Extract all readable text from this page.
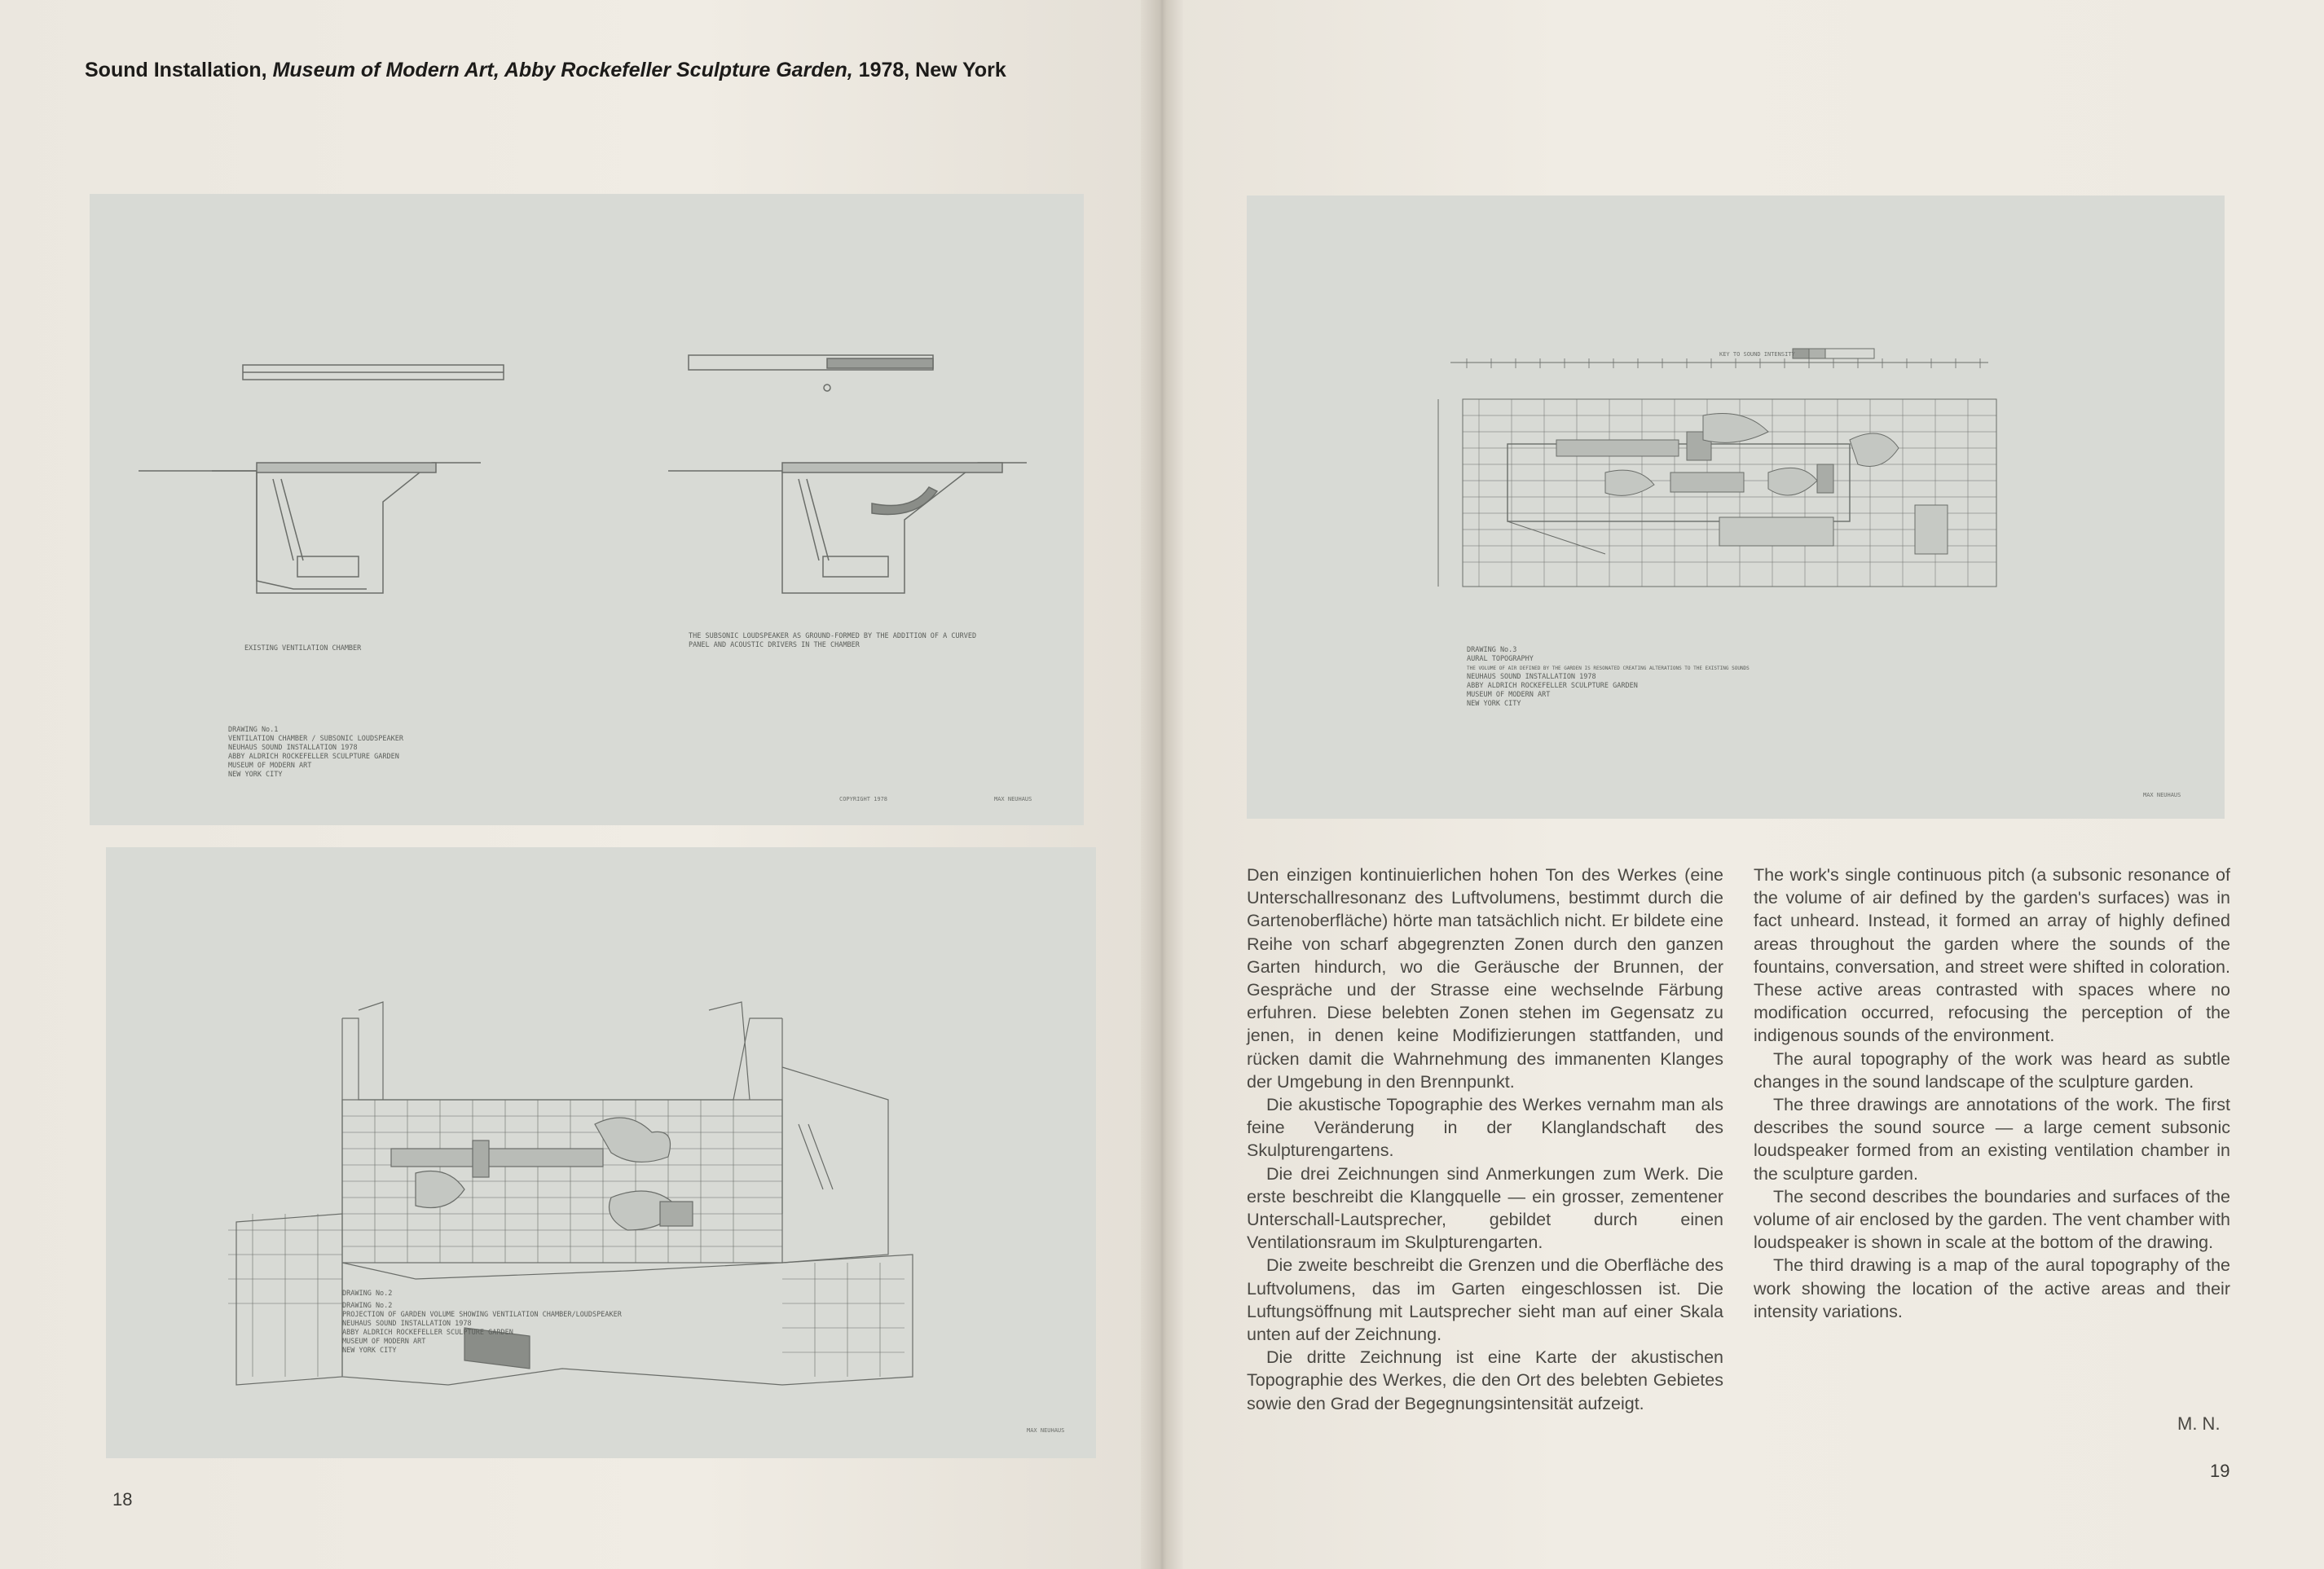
Sound Installation, Museum of Modern Art, Abby Rockefeller Sculpture Garden, 1978, New York
EXISTING VENTILATION CHAMBER
THE SUBSONIC LOUDSPEAKER AS GROUND-FORMED BY THE ADDITION OF A CURVED
PANEL AND ACOUSTIC DRIVERS IN THE CHAMBER
DRAWING No.1
VENTILATION CHAMBER / SUBSONIC LOUDSPEAKER
NEUHAUS SOUND INSTALLATION 1978
ABBY ALDRICH ROCKEFELLER SCULPTURE GARDEN
MUSEUM OF MODERN ART
NEW YORK CITY
COPYRIGHT 1978	MAX NEUHAUS
DRAWING No.2
DRAWING No.2
PROJECTION OF GARDEN VOLUME SHOWING VENTILATION CHAMBER/LOUDSPEAKER
NEUHAUS SOUND INSTALLATION 1978
ABBY ALDRICH ROCKEFELLER SCULPTURE GARDEN
MUSEUM OF MODERN ART
NEW YORK CITY
MAX NEUHAUS
KEY TO SOUND INTENSITY
DRAWING No.3
AURAL TOPOGRAPHY
THE VOLUME OF AIR DEFINED BY THE GARDEN IS RESONATED CREATING ALTERATIONS TO THE EXISTING SOUNDS
NEUHAUS SOUND INSTALLATION 1978
ABBY ALDRICH ROCKEFELLER SCULPTURE GARDEN
MUSEUM OF MODERN ART
NEW YORK CITY
MAX NEUHAUS

Den einzigen kontinuierlichen hohen Ton des Werkes (eine Unterschallresonanz des Luftvolumens, bestimmt durch die Gartenoberfläche) hörte man tatsächlich nicht. Er bildete eine Reihe von scharf abgegrenzten Zonen durch den ganzen Garten hindurch, wo die Geräusche der Brunnen, der Gespräche und der Strasse eine wechselnde Färbung erfuhren. Diese belebten Zonen stehen im Gegensatz zu jenen, in denen keine Modifizierungen stattfanden, und rücken damit die Wahrnehmung des immanenten Klanges der Umgebung in den Brennpunkt.

Die akustische Topographie des Werkes vernahm man als feine Veränderung in der Klanglandschaft des Skulpturengartens.

Die drei Zeichnungen sind Anmerkungen zum Werk. Die erste beschreibt die Klangquelle — ein grosser, zementener Unterschall-Lautsprecher, gebildet durch einen Ventilationsraum im Skulpturengarten.

Die zweite beschreibt die Grenzen und die Oberfläche des Luftvolumens, das im Garten eingeschlossen ist. Die Luftungsöffnung mit Lautsprecher sieht man auf einer Skala unten auf der Zeichnung.

Die dritte Zeichnung ist eine Karte der akustischen Topographie des Werkes, die den Ort des belebten Gebietes sowie den Grad der Begegnungsintensität aufzeigt.

The work's single continuous pitch (a subsonic resonance of the volume of air defined by the garden's surfaces) was in fact unheard. Instead, it formed an array of highly defined areas throughout the garden where the sounds of the fountains, conversation, and street were shifted in coloration. These active areas contrasted with spaces where no modification occurred, refocusing the perception of the indigenous sounds of the environment.

The aural topography of the work was heard as subtle changes in the sound landscape of the sculpture garden.

The three drawings are annotations of the work. The first describes the sound source — a large cement subsonic loudspeaker formed from an existing ventilation chamber in the sculpture garden.

The second describes the boundaries and surfaces of the volume of air enclosed by the garden. The vent chamber with loudspeaker is shown in scale at the bottom of the drawing.

The third drawing is a map of the aural topography of the work showing the location of the active areas and their intensity variations.

M. N.
18
19
